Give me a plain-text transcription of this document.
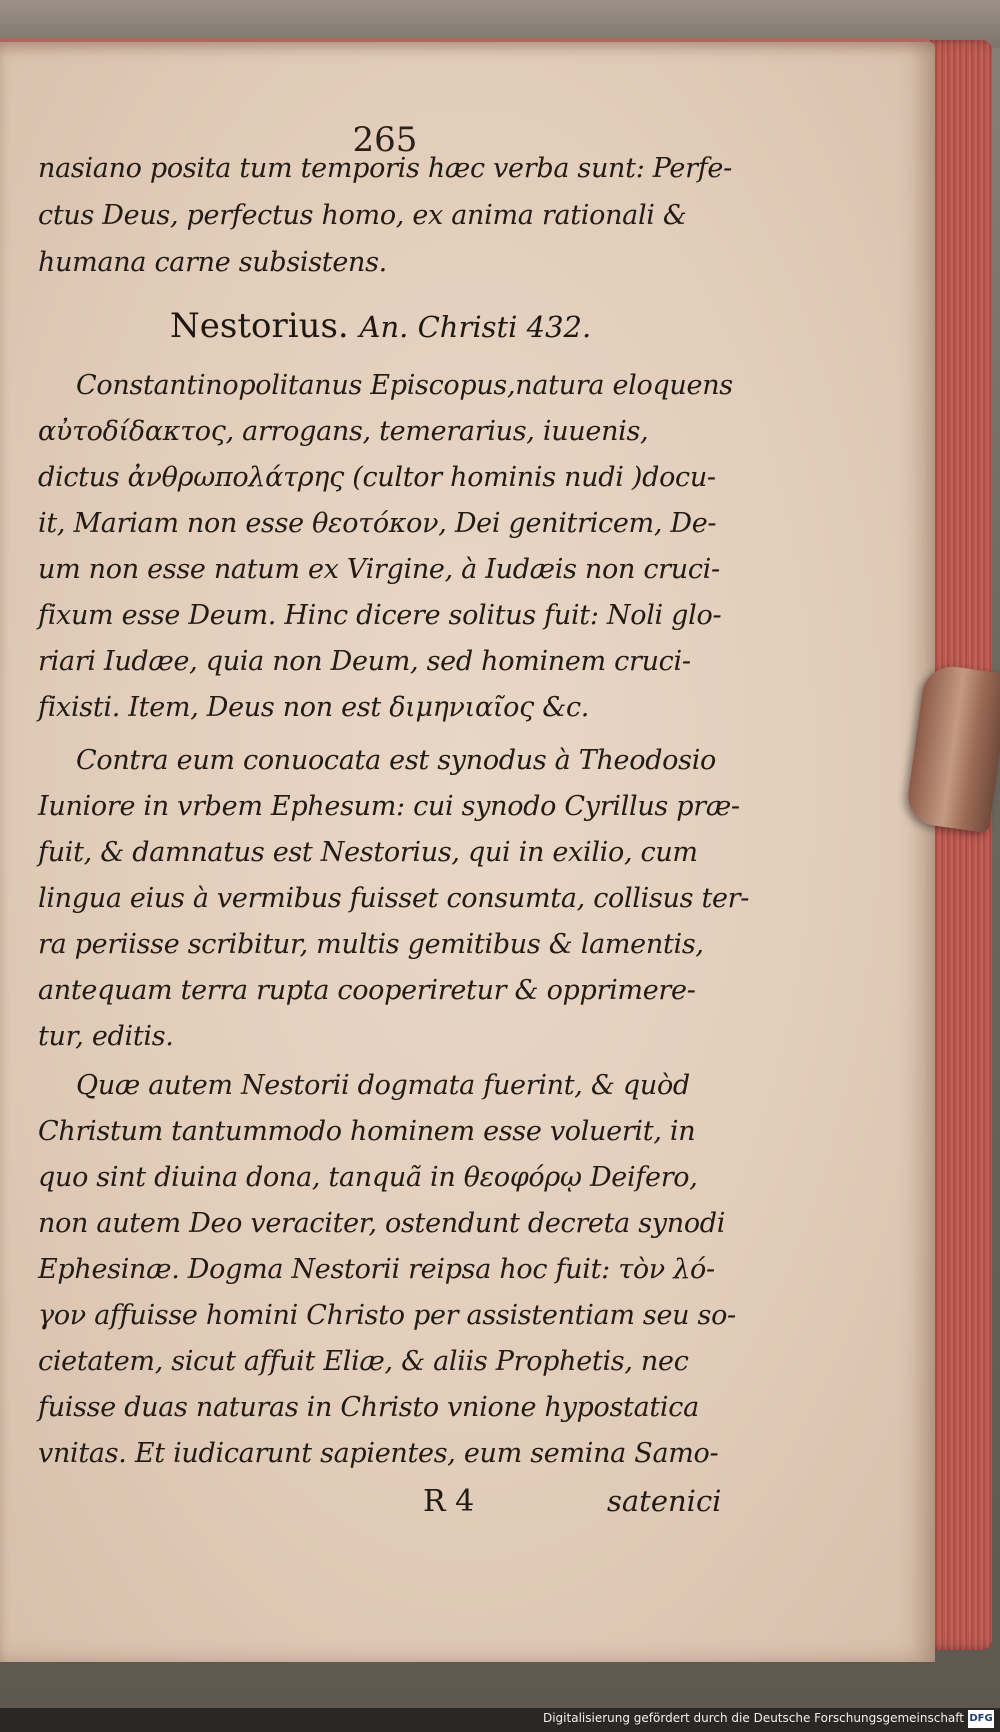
265
nasiano posita tum temporis hæc verba sunt: Perfe-
ctus Deus, perfectus homo, ex anima rationali &
humana carne subsistens.
Nestorius. An. Christi 432.
Constantinopolitanus Episcopus,natura eloquens
αὐτοδίδακτος, arrogans, temerarius, iuuenis,
dictus ἀνθρωπολάτρης (cultor hominis nudi )docu-
it, Mariam non esse θεοτόκον, Dei genitricem, De-
um non esse natum ex Virgine, à Iudæis non cruci-
fixum esse Deum. Hinc dicere solitus fuit: Noli glo-
riari Iudæe, quia non Deum, sed hominem cruci-
fixisti. Item, Deus non est διμηνιαῖος &c.
Contra eum conuocata est synodus à Theodosio
Iuniore in vrbem Ephesum: cui synodo Cyrillus præ-
fuit, & damnatus est Nestorius, qui in exilio, cum
lingua eius à vermibus fuisset consumta, collisus ter-
ra periisse scribitur, multis gemitibus & lamentis,
antequam terra rupta cooperiretur & opprimere-
tur, editis.
Quæ autem Nestorii dogmata fuerint, & quòd
Christum tantummodo hominem esse voluerit, in
quo sint diuina dona, tanquã in θεοφόρῳ Deifero,
non autem Deo veraciter, ostendunt decreta synodi
Ephesinæ. Dogma Nestorii reipsa hoc fuit: τὸν λό-
γον affuisse homini Christo per assistentiam seu so-
cietatem, sicut affuit Eliæ, & aliis Prophetis, nec
fuisse duas naturas in Christo vnione hypostatica
vnitas. Et iudicarunt sapientes, eum semina Samo-
R 4	satenici
Digitalisierung gefördert durch die Deutsche Forschungsgemeinschaft DFG
